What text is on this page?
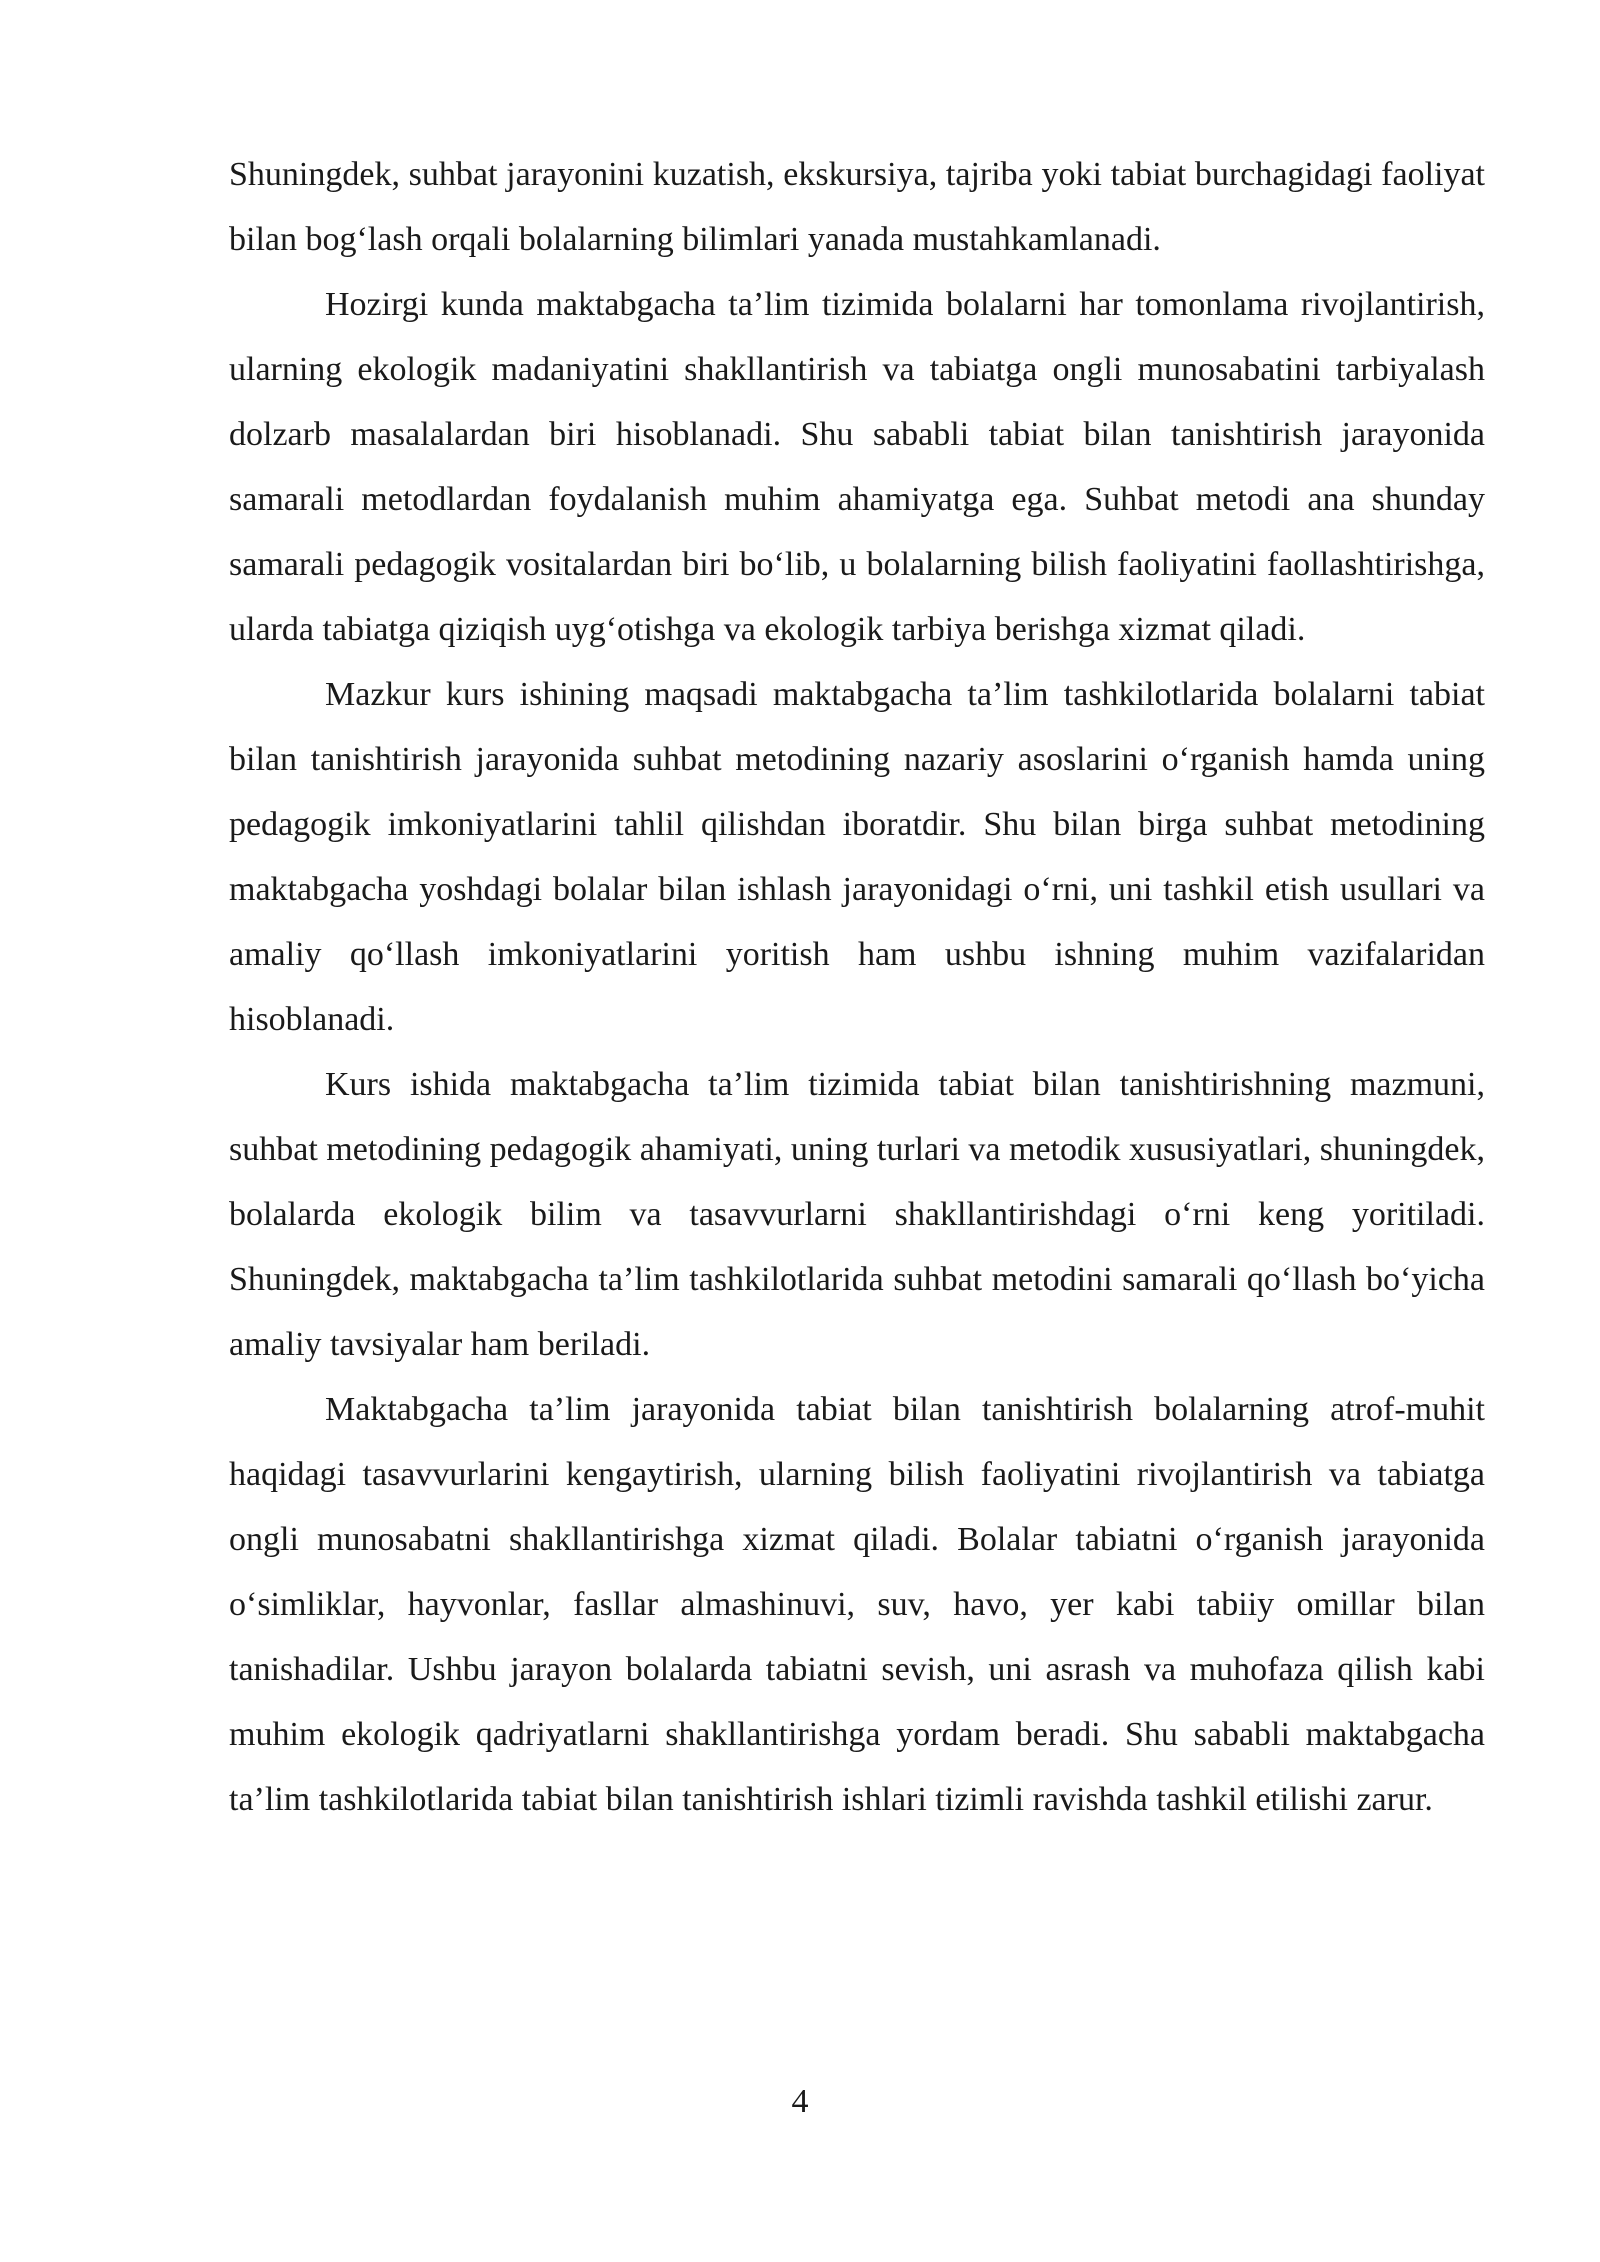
Shuningdek, suhbat jarayonini kuzatish, ekskursiya, tajriba yoki tabiat burchagidagi faoliyat bilan bog‘lash orqali bolalarning bilimlari yanada mustahkamlanadi.

Hozirgi kunda maktabgacha ta’lim tizimida bolalarni har tomonlama rivojlantirish, ularning ekologik madaniyatini shakllantirish va tabiatga ongli munosabatini tarbiyalash dolzarb masalalardan biri hisoblanadi. Shu sababli tabiat bilan tanishtirish jarayonida samarali metodlardan foydalanish muhim ahamiyatga ega. Suhbat metodi ana shunday samarali pedagogik vositalardan biri bo‘lib, u bolalarning bilish faoliyatini faollashtirishga, ularda tabiatga qiziqish uyg‘otishga va ekologik tarbiya berishga xizmat qiladi.

Mazkur kurs ishining maqsadi maktabgacha ta’lim tashkilotlarida bolalarni tabiat bilan tanishtirish jarayonida suhbat metodining nazariy asoslarini o‘rganish hamda uning pedagogik imkoniyatlarini tahlil qilishdan iboratdir. Shu bilan birga suhbat metodining maktabgacha yoshdagi bolalar bilan ishlash jarayonidagi o‘rni, uni tashkil etish usullari va amaliy qo‘llash imkoniyatlarini yoritish ham ushbu ishning muhim vazifalaridan hisoblanadi.

Kurs ishida maktabgacha ta’lim tizimida tabiat bilan tanishtirishning mazmuni, suhbat metodining pedagogik ahamiyati, uning turlari va metodik xususiyatlari, shuningdek, bolalarda ekologik bilim va tasavvurlarni shakllantirishdagi o‘rni keng yoritiladi. Shuningdek, maktabgacha ta’lim tashkilotlarida suhbat metodini samarali qo‘llash bo‘yicha amaliy tavsiyalar ham beriladi.

Maktabgacha ta’lim jarayonida tabiat bilan tanishtirish bolalarning atrof-muhit haqidagi tasavvurlarini kengaytirish, ularning bilish faoliyatini rivojlantirish va tabiatga ongli munosabatni shakllantirishga xizmat qiladi. Bolalar tabiatni o‘rganish jarayonida o‘simliklar, hayvonlar, fasllar almashinuvi, suv, havo, yer kabi tabiiy omillar bilan tanishadilar. Ushbu jarayon bolalarda tabiatni sevish, uni asrash va muhofaza qilish kabi muhim ekologik qadriyatlarni shakllantirishga yordam beradi. Shu sababli maktabgacha ta’lim tashkilotlarida tabiat bilan tanishtirish ishlari tizimli ravishda tashkil etilishi zarur.

4
